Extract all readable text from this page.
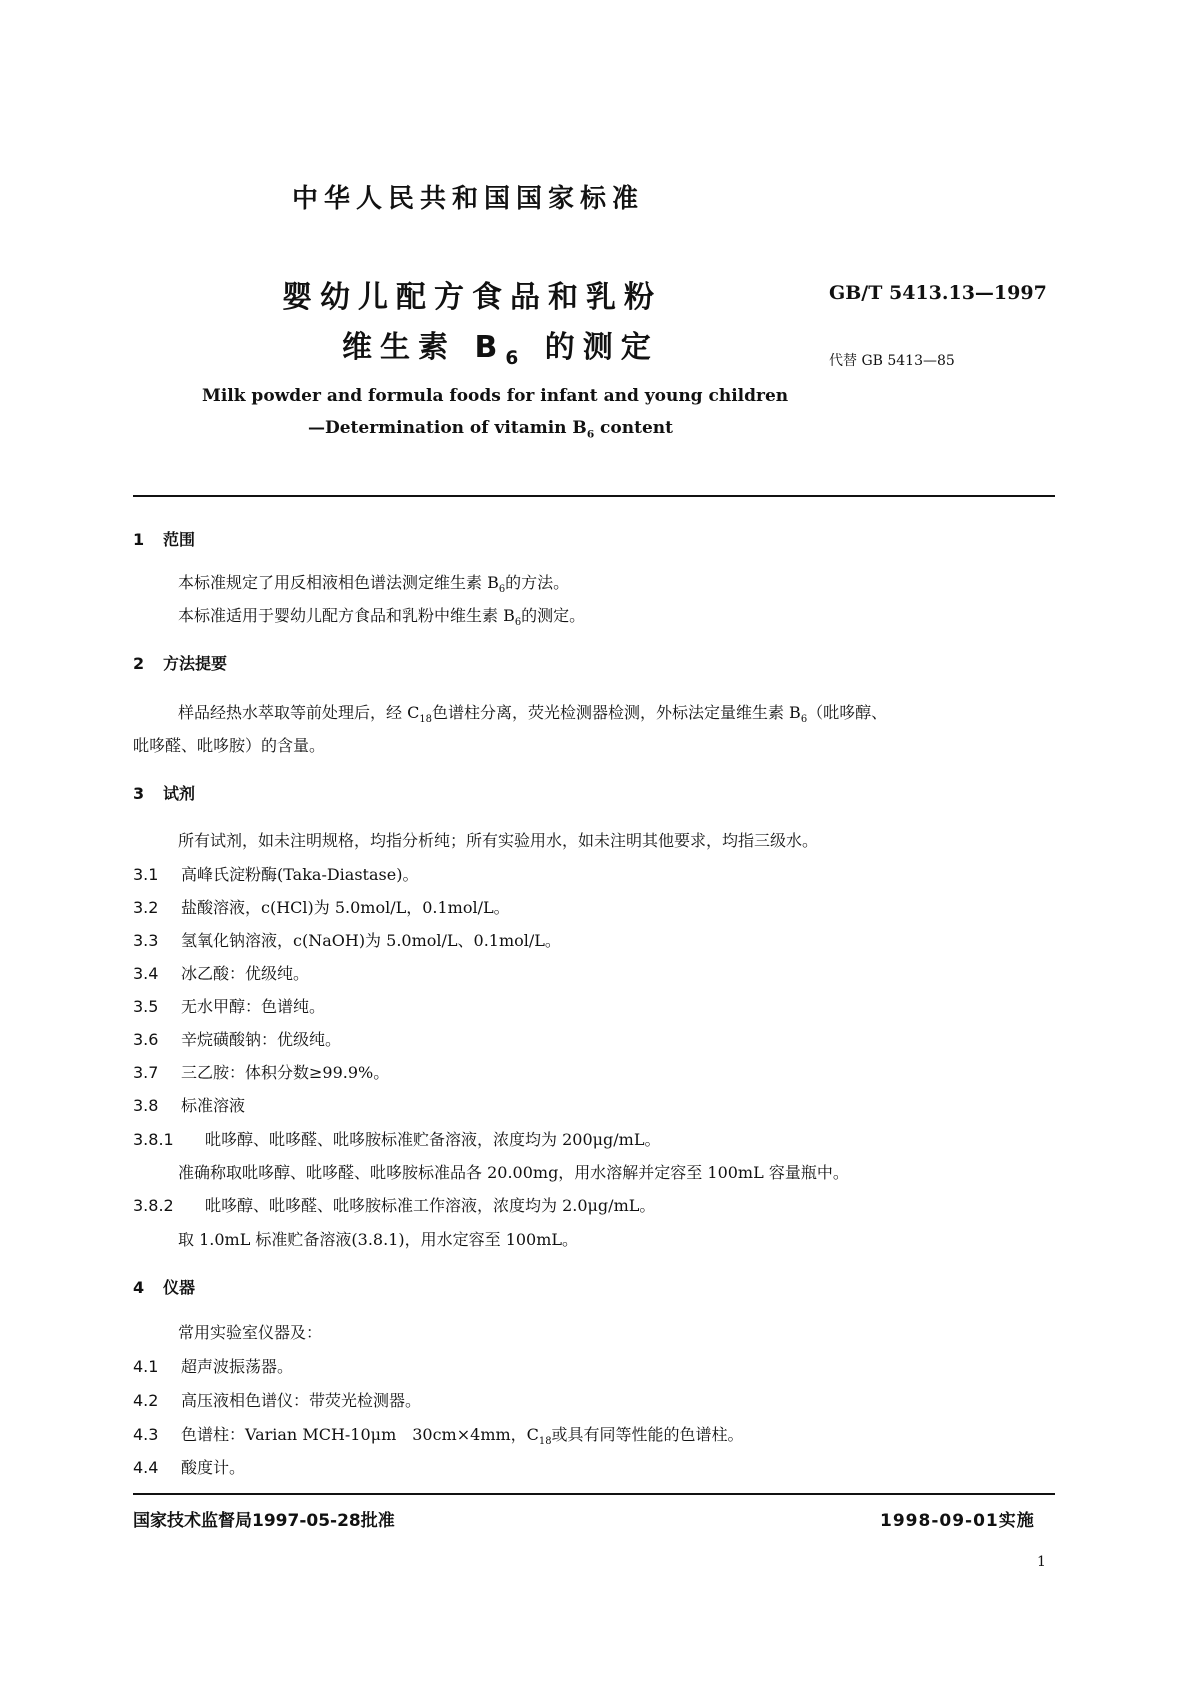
中华人民共和国国家标准
婴幼儿配方食品和乳粉
维生素 $B_6$ 的测定
GB/T 5413.13—1997
代替 GB 5413—85
Milk powder and formula foods for infant and young children
—Determination of vitamin $B_6$ content
1 范围
本标准规定了用反相液相色谱法测定维生素 $B_6$的方法。
本标准适用于婴幼儿配方食品和乳粉中维生素 $B_6$的测定。
2 方法提要
样品经热水萃取等前处理后，经 $C_{18}$色谱柱分离，荧光检测器检测，外标法定量维生素 $B_6$（吡哆醇、
吡哆醛、吡哆胺）的含量。
3 试剂
所有试剂，如未注明规格，均指分析纯；所有实验用水，如未注明其他要求，均指三级水。
3.1 高峰氏淀粉酶(Taka-Diastase)。
3.2 盐酸溶液，c(HCl)为 5.0mol/L，0.1mol/L。
3.3 氢氧化钠溶液，c(NaOH)为 5.0mol/L、0.1mol/L。
3.4 冰乙酸：优级纯。
3.5 无水甲醇：色谱纯。
3.6 辛烷磺酸钠：优级纯。
3.7 三乙胺：体积分数≥99.9%。
3.8 标准溶液
3.8.1 吡哆醇、吡哆醛、吡哆胺标准贮备溶液，浓度均为 200μg/mL。
准确称取吡哆醇、吡哆醛、吡哆胺标准品各 20.00mg，用水溶解并定容至 100mL 容量瓶中。
3.8.2 吡哆醇、吡哆醛、吡哆胺标准工作溶液，浓度均为 2.0μg/mL。
取 1.0mL 标准贮备溶液(3.8.1)，用水定容至 100mL。
4 仪器
常用实验室仪器及：
4.1 超声波振荡器。
4.2 高压液相色谱仪：带荧光检测器。
4.3 色谱柱：Varian MCH-10μm　30cm×4mm，$C_{18}$或具有同等性能的色谱柱。
4.4 酸度计。
国家技术监督局1997-05-28批准	1998-09-01实施
1
